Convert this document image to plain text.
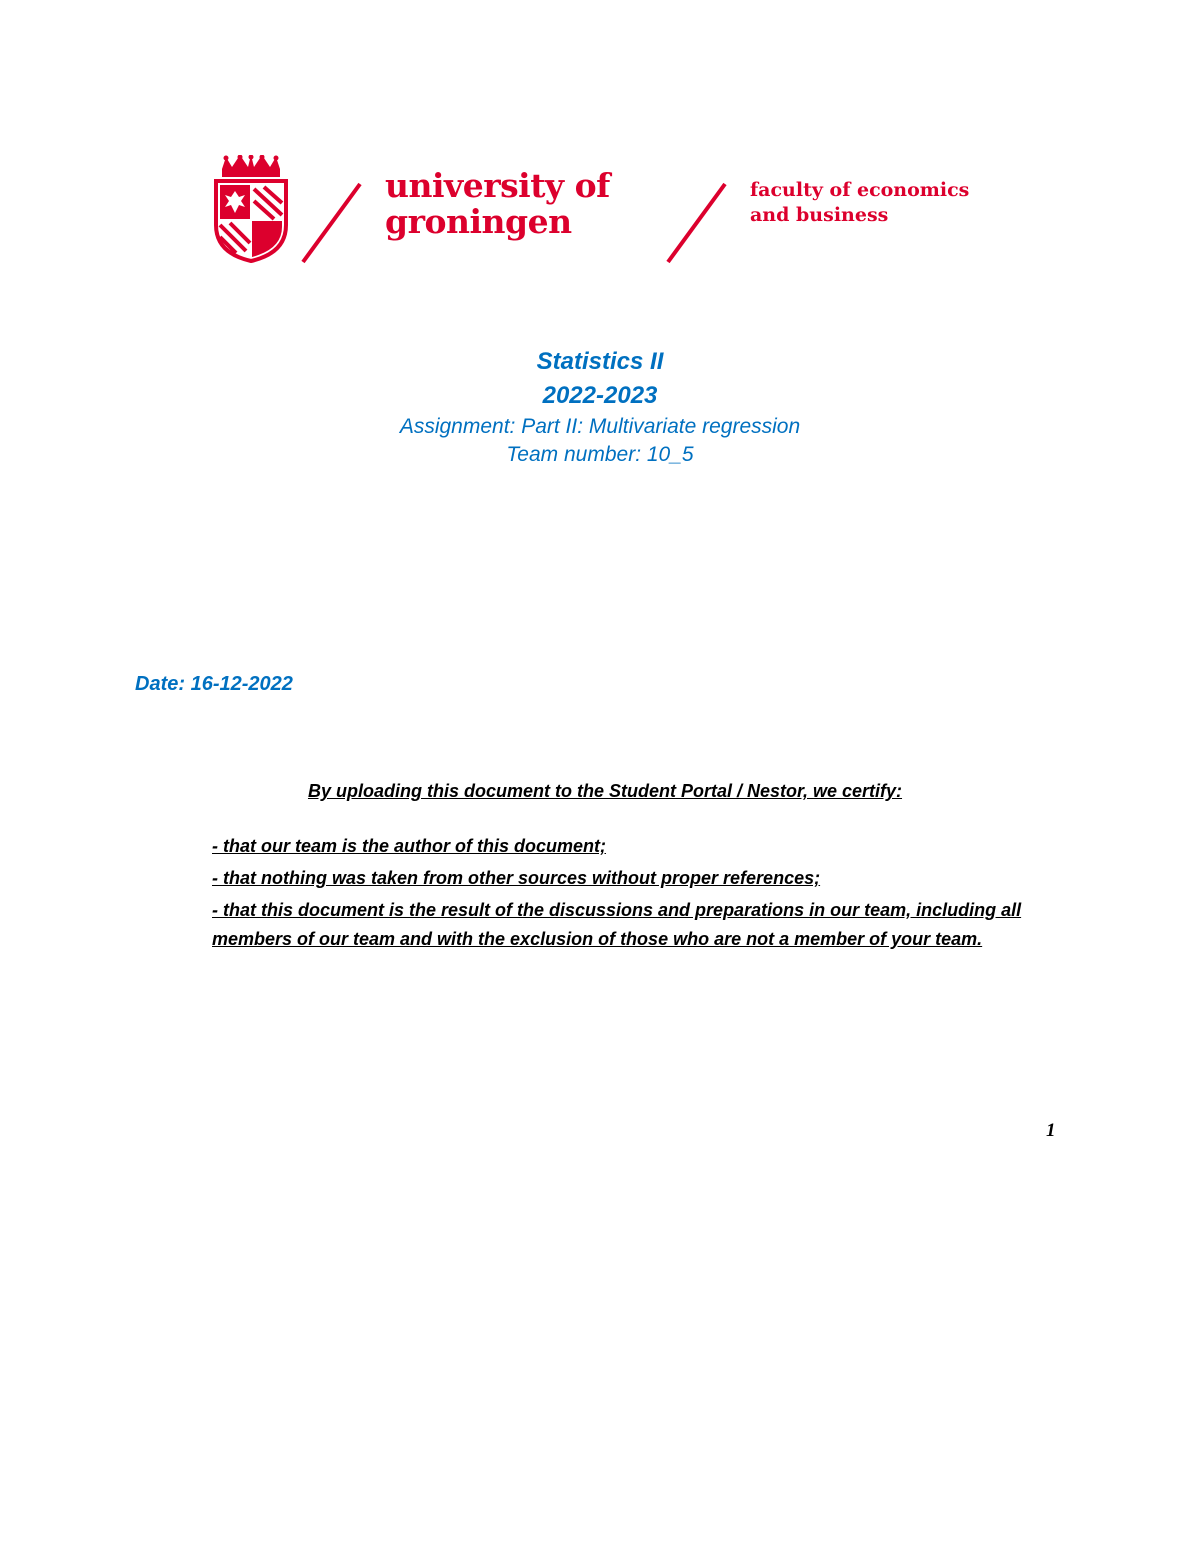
university of
groningen
faculty of economics
and business
Statistics II
2022-2023
Assignment: Part II: Multivariate regression
Team number: 10_5
Date: 16-12-2022
By uploading this document to the Student Portal / Nestor, we certify:
- that our team is the author of this document;
- that nothing was taken from other sources without proper references;
- that this document is the result of the discussions and preparations in our team, including all members of our team and with the exclusion of those who are not a member of your team.
1
